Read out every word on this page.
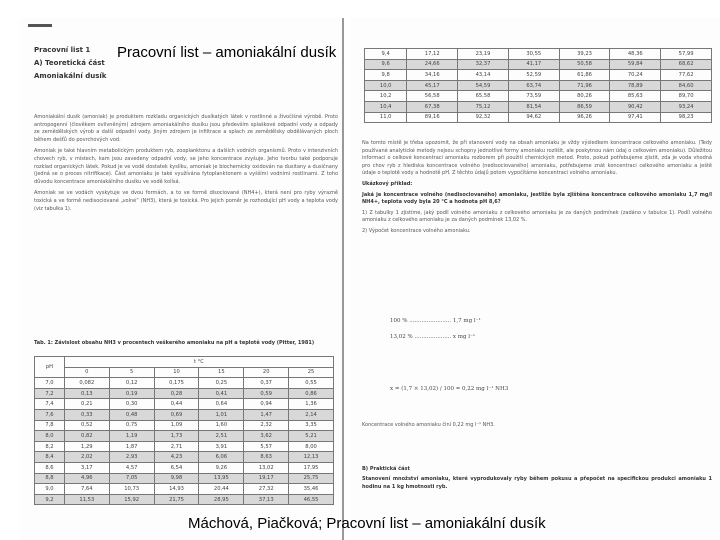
Pracovní list 1
A) Teoretická část
Amoniakální dusík

Amoniakální dusík (amoniak) je produktem rozkladu organických dusíkatých látek v rostlinné a živočišné výrobě. Proto antropogenní (člověkem ovlivněným) zdrojem amoniakálního dusíku jsou především splaškové odpadní vody a odpady ze zemědělských výrob a další odpadní vody. Jiným zdrojem je infiltrace a splach ze zemědělsky obdělávaných ploch během dešťů do povrchových vod.

Amoniak je také hlavním metabolickým produktem ryb, zooplanktonu a dalších vodních organismů. Proto v intenzivních chovech ryb, v místech, kam jsou zavedeny odpadní vody, se jeho koncentrace zvyšuje. Jeho tvorbu také podporuje rozklad organických látek. Pokud je ve vodě dostatek kyslíku, amoniak je biochemicky oxidován na dusitany a dusičnany (jedná se o proces nitrifikace). Část amoniaku je také využívána fytoplanktonem a vyššími vodními rostlinami. Z toho důvodu koncentrace amoniakálního dusíku ve vodě kolísá.

Amoniak se ve vodách vyskytuje ve dvou formách, a to ve formě disociované (NH4+), která není pro ryby výrazně toxická a ve formě nedisociované „volné“ (NH3), která je toxická. Pro jejich poměr je rozhodující pH vody a teplota vody (viz tabulka 1).

Tab. 1: Závislost obsahu NH3 v procentech veškerého amoniaku na pH a teplotě vody (Pitter, 1981)
pH	t °C					
	0	5	10	15	20	25
7,0	0,082	0,12	0,175	0,25	0,37	0,55
7,2	0,13	0,19	0,28	0,41	0,59	0,86
7,4	0,21	0,30	0,44	0,64	0,94	1,36
7,6	0,33	0,48	0,69	1,01	1,47	2,14
7,8	0,52	0,75	1,09	1,60	2,32	3,35
8,0	0,82	1,19	1,73	2,51	3,62	5,21
8,2	1,29	1,87	2,71	3,91	5,57	8,00
8,4	2,02	2,93	4,23	6,06	8,63	12,13
8,6	3,17	4,57	6,54	9,26	13,02	17,95
8,8	4,96	7,05	9,98	13,95	19,17	25,75
9,0	7,64	10,73	14,93	20,44	27,32	35,46
9,2	11,53	15,92	21,75	28,95	37,13	46,55
9,4	17,12	23,19	30,55	39,23	48,36	57,99
9,6	24,66	32,37	41,17	50,58	59,84	68,62
9,8	34,16	43,14	52,59	61,86	70,24	77,62
10,0	45,17	54,59	63,74	71,96	78,89	84,60
10,2	56,58	65,58	73,59	80,26	85,63	89,70
10,4	67,38	75,12	81,54	86,59	90,42	93,24
11,0	89,16	92,32	94,62	96,26	97,41	98,23

Na tomto místě je třeba upozornit, že při stanovení vody na obsah amoniaku je vždy výsledkem koncentrace celkového amoniaku. (Tedy používané analytické metody nejsou schopny jednotlivé formy amoniaku rozlišit, ale poskytnou nám údaj o celkovém amoniaku). Důležitou informaci o celkové koncentraci amoniaku rozborem při použití chemických metod. Proto, pokud potřebujeme zjistit, zda je voda vhodná pro chov ryb z hlediska koncentrace volného (nedisociovaného) amoniaku, potřebujeme znát koncentraci celkového amoniaku a ještě údaje o teplotě vody a hodnotě pH. Z těchto údajů potom vypočítáme koncentraci volného amoniaku.

Ukázkový příklad:

Jaká je koncentrace volného (nedisociovaného) amoniaku, jestliže byla zjištěna koncentrace celkového amoniaku 1,7 mg/l NH4+, teplota vody byla 20 °C a hodnota pH 8,6?

1) Z tabulky 1 zjistíme, jaký podíl volného amoniaku z celkového amoniaku je za daných podmínek (zadáno v tabulce 1). Podíl volného amoniaku z celkového amoniaku je za daných podmínek 13,02 %.

2) Výpočet koncentrace volného amoniaku.

100 % ........................ 1,7 mg l⁻¹
13,02 % ..................... x mg l⁻¹
x = (1,7 × 13,02) / 100 = 0,22 mg l⁻¹ NH3
Koncentrace volného amoniaku činí 0,22 mg l⁻¹ NH3.
B) Praktická část
Stanovení množství amoniaku, které vyprodukovaly ryby během pokusu a přepočet na specifickou produkci amoniaku 1 hodinu na 1 kg hmotnosti ryb.
Pracovní list – amoniakální dusík
Máchová, Piačková; Pracovní list – amoniakální dusík
